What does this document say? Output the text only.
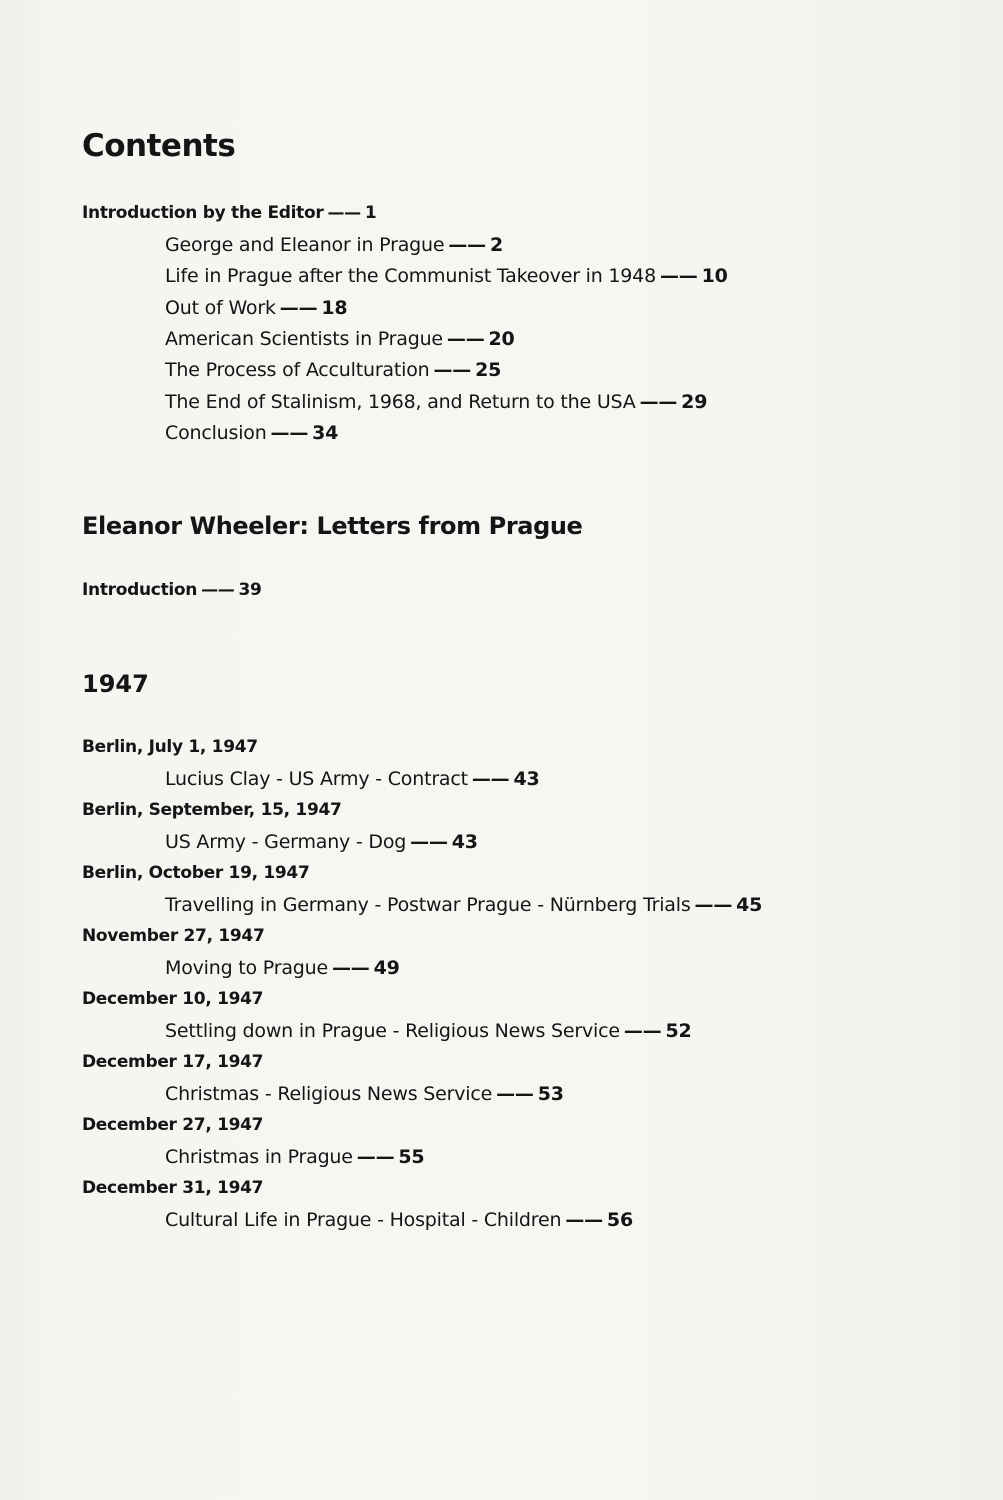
Contents
Introduction by the Editor —— 1
George and Eleanor in Prague —— 2
Life in Prague after the Communist Takeover in 1948 —— 10
Out of Work —— 18
American Scientists in Prague —— 20
The Process of Acculturation —— 25
The End of Stalinism, 1968, and Return to the USA —— 29
Conclusion —— 34
Eleanor Wheeler: Letters from Prague
Introduction —— 39
1947
Berlin, July 1, 1947
Lucius Clay - US Army - Contract —— 43
Berlin, September, 15, 1947
US Army - Germany - Dog —— 43
Berlin, October 19, 1947
Travelling in Germany - Postwar Prague - Nürnberg Trials —— 45
November 27, 1947
Moving to Prague —— 49
December 10, 1947
Settling down in Prague - Religious News Service —— 52
December 17, 1947
Christmas - Religious News Service —— 53
December 27, 1947
Christmas in Prague —— 55
December 31, 1947
Cultural Life in Prague - Hospital - Children —— 56
